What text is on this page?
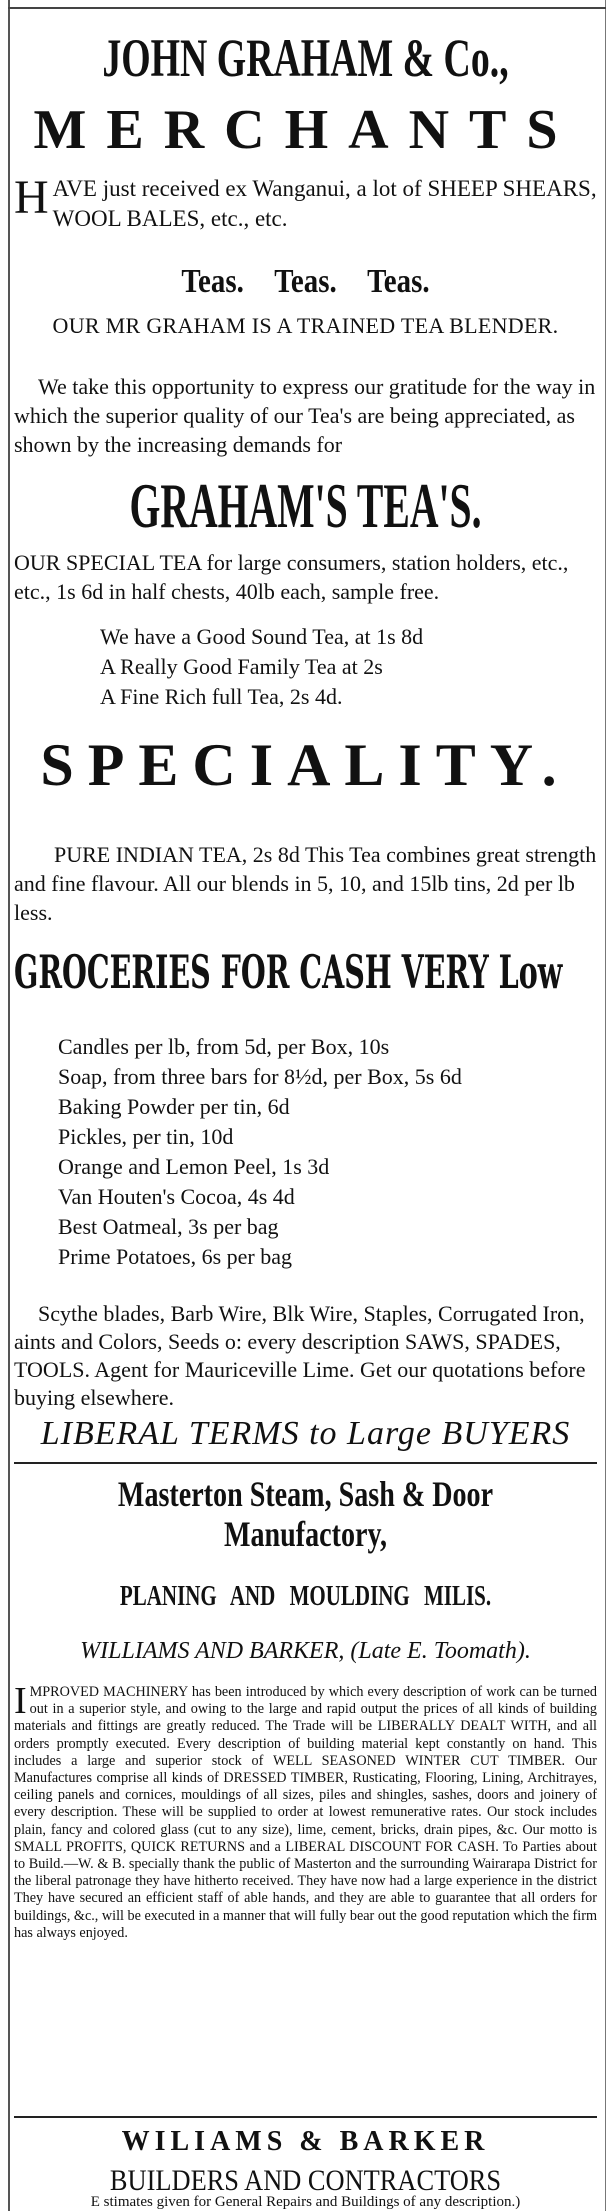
JOHN GRAHAM & Co.,
MERCHANTS
HAVE just received ex Wanganui, a lot of SHEEP SHEARS, WOOL BALES, etc., etc.
Teas. Teas. Teas.
OUR MR GRAHAM IS A TRAINED TEA BLENDER.
We take this opportunity to express our gratitude for the way in which the superior quality of our Tea's are being appreciated, as shown by the increasing demands for
GRAHAM'S TEA'S.
OUR SPECIAL TEA for large consumers, station holders, etc., etc., 1s 6d in half chests, 40lb each, sample free.
We have a Good Sound Tea, at 1s 8d
A Really Good Family Tea at 2s
A Fine Rich full Tea, 2s 4d.
SPECIALITY.
PURE INDIAN TEA, 2s 8d This Tea combines great strength and fine flavour. All our blends in 5, 10, and 15lb tins, 2d per lb less.
GROCERIES FOR CASH VERY Low
Candles per lb, from 5d, per Box, 10s
Soap, from three bars for 8½d, per Box, 5s 6d
Baking Powder per tin, 6d
Pickles, per tin, 10d
Orange and Lemon Peel, 1s 3d
Van Houten's Cocoa, 4s 4d
Best Oatmeal, 3s per bag
Prime Potatoes, 6s per bag
Scythe blades, Barb Wire, Blk Wire, Staples, Corrugated Iron, aints and Colors, Seeds o: every description SAWS, SPADES, TOOLS. Agent for Mauriceville Lime. Get our quotations before buying elsewhere.
LIBERAL TERMS to Large BUYERS
Masterton Steam, Sash & Door Manufactory,
PLANING AND MOULDING MILIS.
WILLIAMS AND BARKER, (Late E. Toomath).
IMPROVED MACHINERY has been introduced by which every description of work can be turned out in a superior style, and owing to the large and rapid output the prices of all kinds of building materials and fittings are greatly reduced. The Trade will be LIBERALLY DEALT WITH, and all orders promptly executed. Every description of building material kept constantly on hand. This includes a large and superior stock of WELL SEASONED WINTER CUT TIMBER. Our Manufactures comprise all kinds of DRESSED TIMBER, Rusticating, Flooring, Lining, Architrayes, ceiling panels and cornices, mouldings of all sizes, piles and shingles, sashes, doors and joinery of every description. These will be supplied to order at lowest remunerative rates. Our stock includes plain, fancy and colored glass (cut to any size), lime, cement, bricks, drain pipes, &c. Our motto is SMALL PROFITS, QUICK RETURNS and a LIBERAL DISCOUNT FOR CASH. To Parties about to Build.—W. & B. specially thank the public of Masterton and the surrounding Wairarapa District for the liberal patronage they have hitherto received. They have now had a large experience in the district They have secured an efficient staff of able hands, and they are able to guarantee that all orders for buildings, &c., will be executed in a manner that will fully bear out the good reputation which the firm has always enjoyed.
WILIAMS & BARKER
BUILDERS AND CONTRACTORS
E stimates given for General Repairs and Buildings of any description.)
